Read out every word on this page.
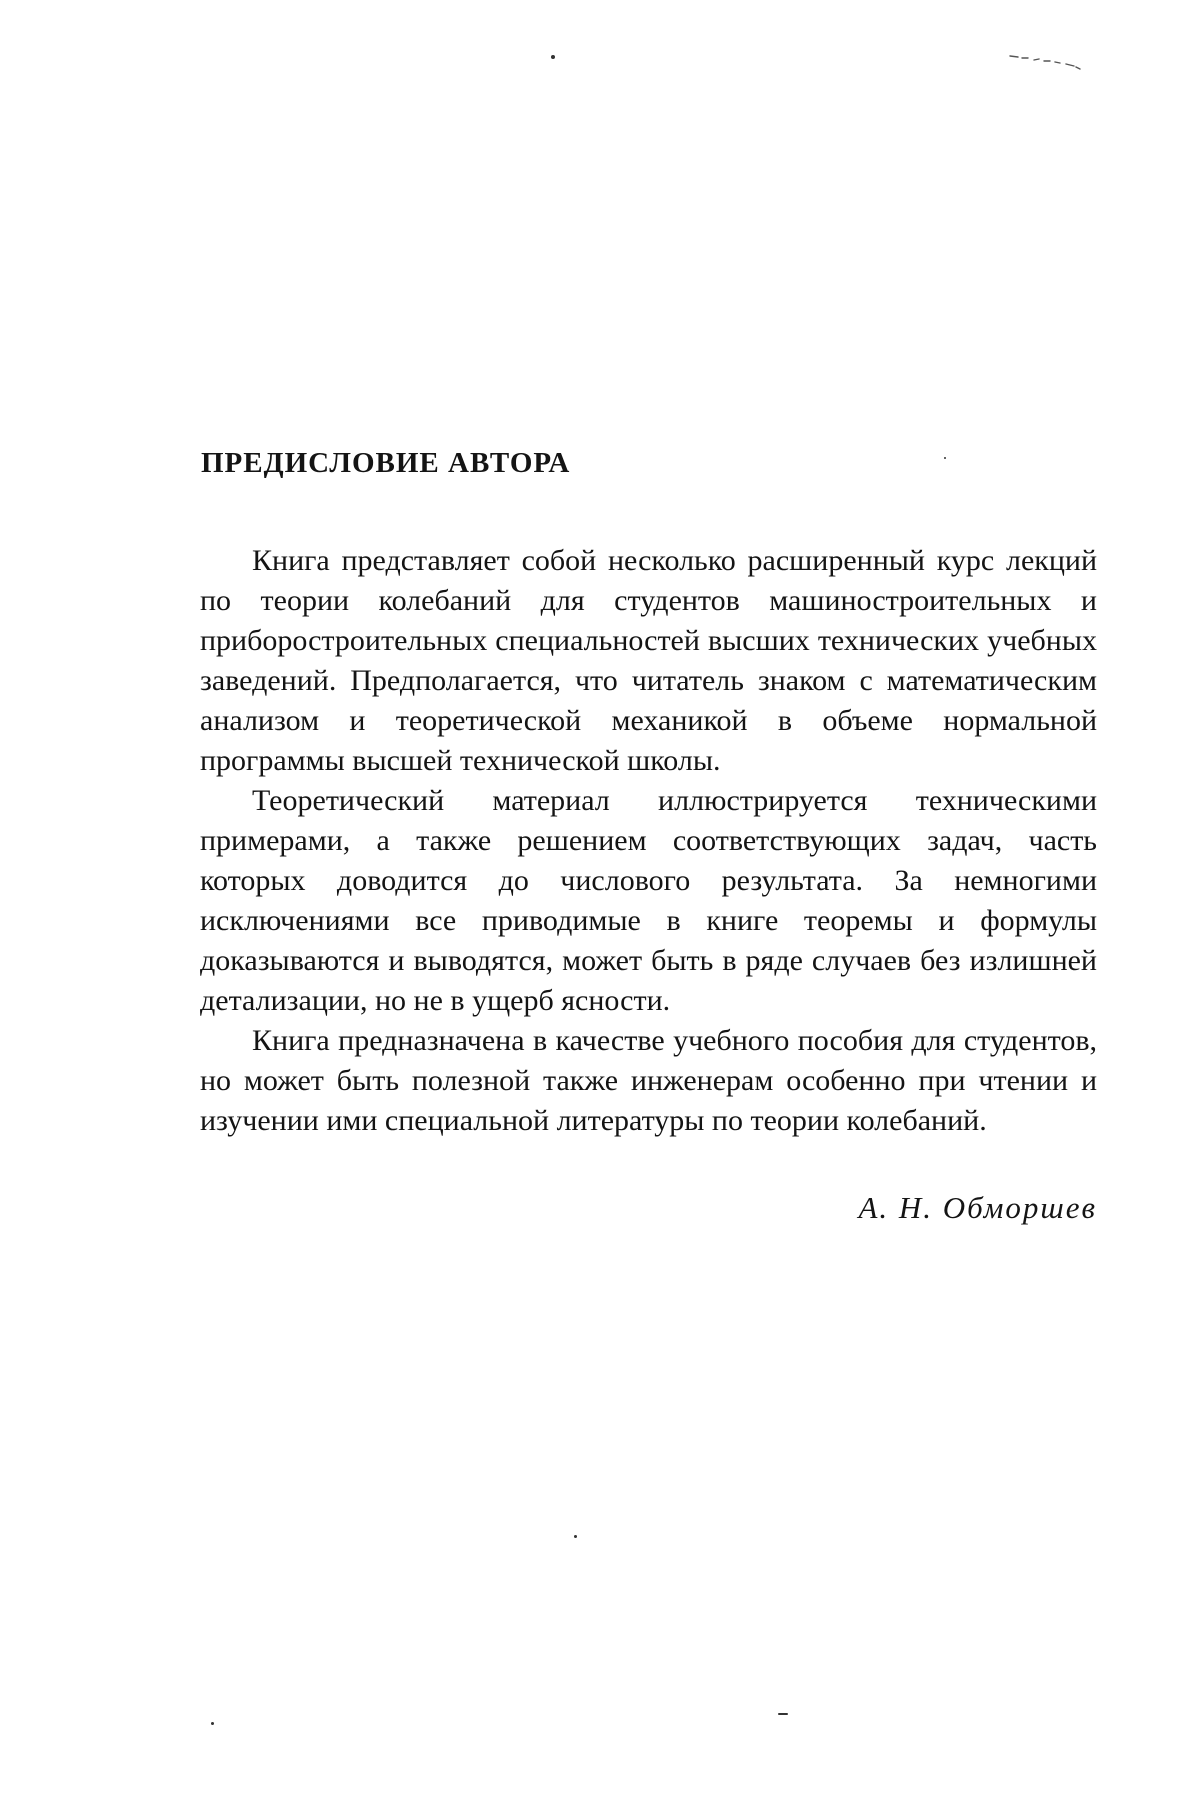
ПРЕДИСЛОВИЕ АВТОРА

Книга представляет собой несколько расширенный курс лекций по теории колебаний для студентов машиностроительных и приборостроительных специальностей высших технических учебных заведений. Предполагается, что читатель знаком с математическим анализом и теоретической механикой в объеме нормальной программы высшей технической школы.

Теоретический материал иллюстрируется техническими примерами, а также решением соответствующих задач, часть которых доводится до числового результата. За немногими исключениями все приводимые в книге теоремы и формулы доказываются и выводятся, может быть в ряде случаев без излишней детализации, но не в ущерб ясности.

Книга предназначена в качестве учебного пособия для студентов, но может быть полезной также инженерам особенно при чтении и изучении ими специальной литературы по теории колебаний.

А. Н. Обморшев
